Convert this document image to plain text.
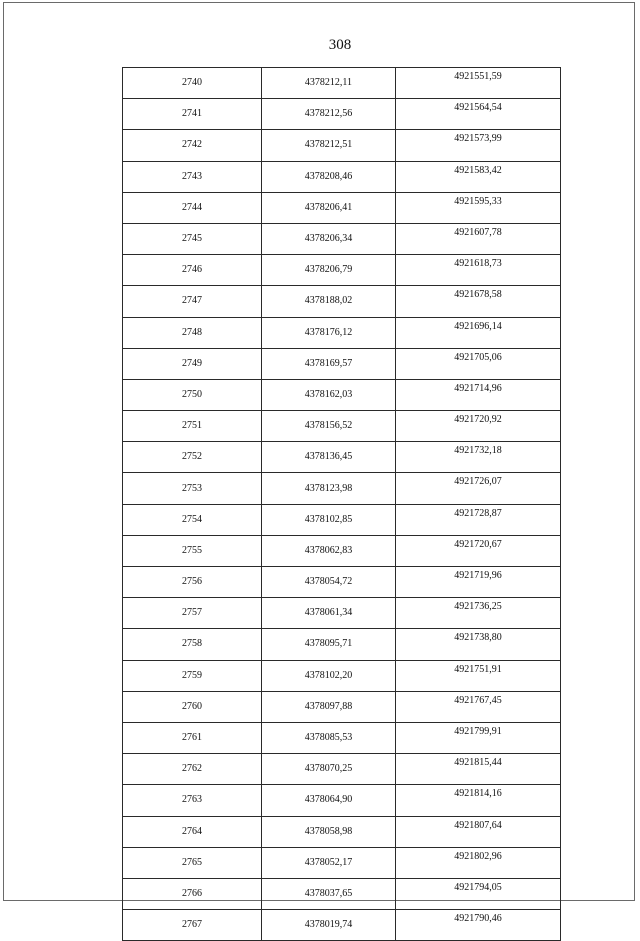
308
2740	4378212,11	4921551,59
2741	4378212,56	4921564,54
2742	4378212,51	4921573,99
2743	4378208,46	4921583,42
2744	4378206,41	4921595,33
2745	4378206,34	4921607,78
2746	4378206,79	4921618,73
2747	4378188,02	4921678,58
2748	4378176,12	4921696,14
2749	4378169,57	4921705,06
2750	4378162,03	4921714,96
2751	4378156,52	4921720,92
2752	4378136,45	4921732,18
2753	4378123,98	4921726,07
2754	4378102,85	4921728,87
2755	4378062,83	4921720,67
2756	4378054,72	4921719,96
2757	4378061,34	4921736,25
2758	4378095,71	4921738,80
2759	4378102,20	4921751,91
2760	4378097,88	4921767,45
2761	4378085,53	4921799,91
2762	4378070,25	4921815,44
2763	4378064,90	4921814,16
2764	4378058,98	4921807,64
2765	4378052,17	4921802,96
2766	4378037,65	4921794,05
2767	4378019,74	4921790,46
